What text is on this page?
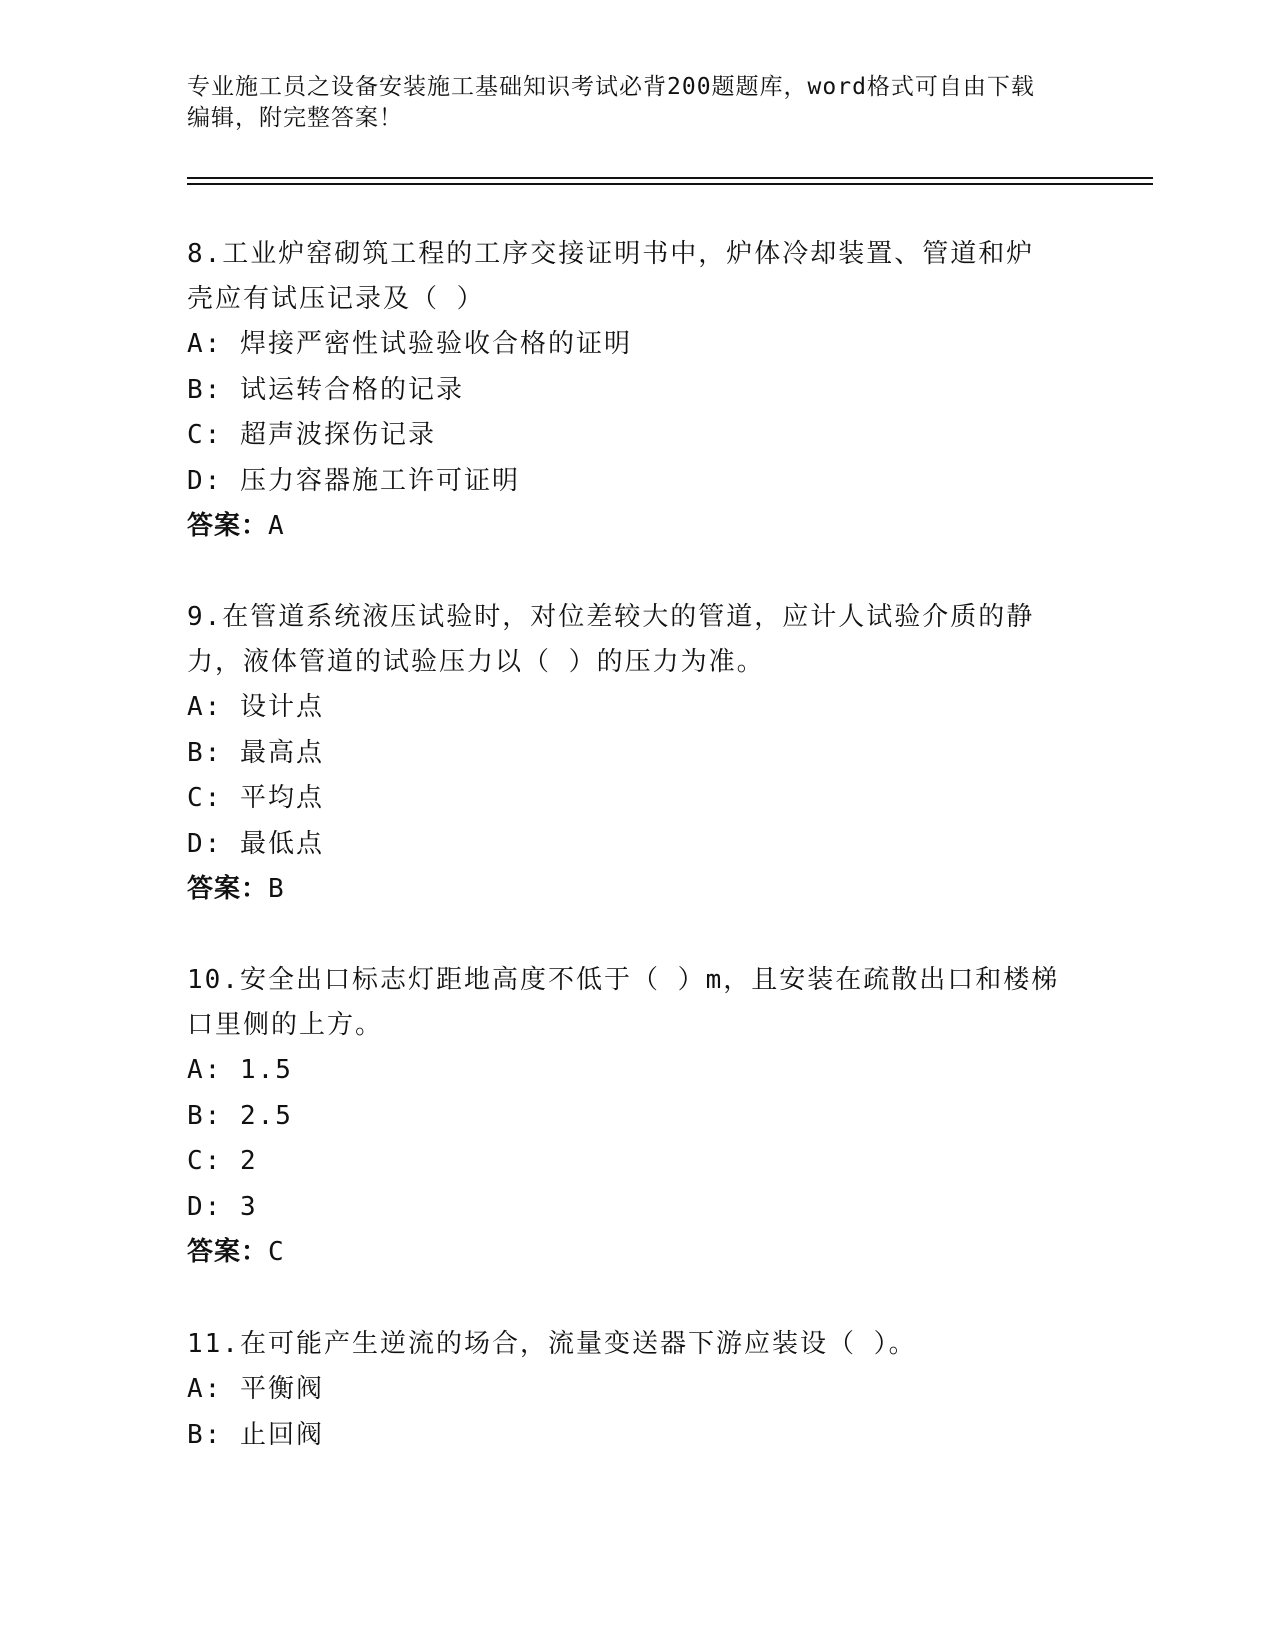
专业施工员之设备安装施工基础知识考试必背200题题库，word格式可自由下载
编辑，附完整答案！

8.工业炉窑砌筑工程的工序交接证明书中，炉体冷却装置、管道和炉
壳应有试压记录及（ ）

A: 焊接严密性试验验收合格的证明
B: 试运转合格的记录
C: 超声波探伤记录
D: 压力容器施工许可证明

答案：A

9.在管道系统液压试验时，对位差较大的管道，应计人试验介质的静
力，液体管道的试验压力以（ ）的压力为准。

A: 设计点
B: 最高点
C: 平均点
D: 最低点

答案：B

10.安全出口标志灯距地高度不低于（ ）m，且安装在疏散出口和楼梯
口里侧的上方。

A: 1.5
B: 2.5
C: 2
D: 3

答案：C

11.在可能产生逆流的场合，流量变送器下游应装设（ ）。

A: 平衡阀
B: 止回阀
